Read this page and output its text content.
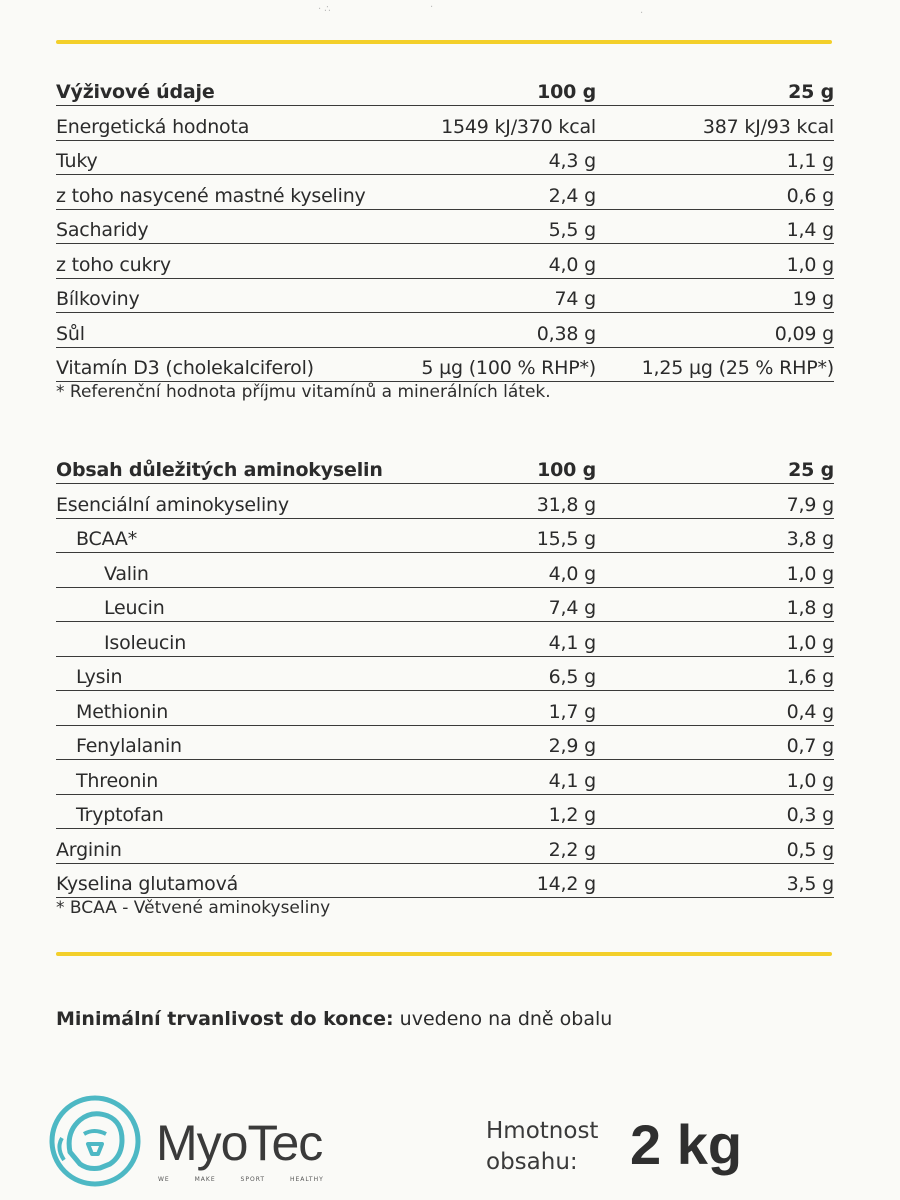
· ∴	·
·
Výživové údaje	100 g	25 g
Energetická hodnota	1549 kJ/370 kcal	387 kJ/93 kcal
Tuky	4,3 g	1,1 g
z toho nasycené mastné kyseliny	2,4 g	0,6 g
Sacharidy	5,5 g	1,4 g
z toho cukry	4,0 g	1,0 g
Bílkoviny	74 g	19 g
Sůl	0,38 g	0,09 g
Vitamín D3 (cholekalciferol)	5 µg (100 % RHP*)	1,25 µg (25 % RHP*)
* Referenční hodnota příjmu vitamínů a minerálních látek.
Obsah důležitých aminokyselin	100 g	25 g
Esenciální aminokyseliny	31,8 g	7,9 g
BCAA*	15,5 g	3,8 g
Valin	4,0 g	1,0 g
Leucin	7,4 g	1,8 g
Isoleucin	4,1 g	1,0 g
Lysin	6,5 g	1,6 g
Methionin	1,7 g	0,4 g
Fenylalanin	2,9 g	0,7 g
Threonin	4,1 g	1,0 g
Tryptofan	1,2 g	0,3 g
Arginin	2,2 g	0,5 g
Kyselina glutamová	14,2 g	3,5 g
* BCAA - Větvené aminokyseliny
Minimální trvanlivost do konce: uvedeno na dně obalu
MyoTec
WE MAKE SPORT HEALTHY
Hmotnost
obsahu: 2 kg
